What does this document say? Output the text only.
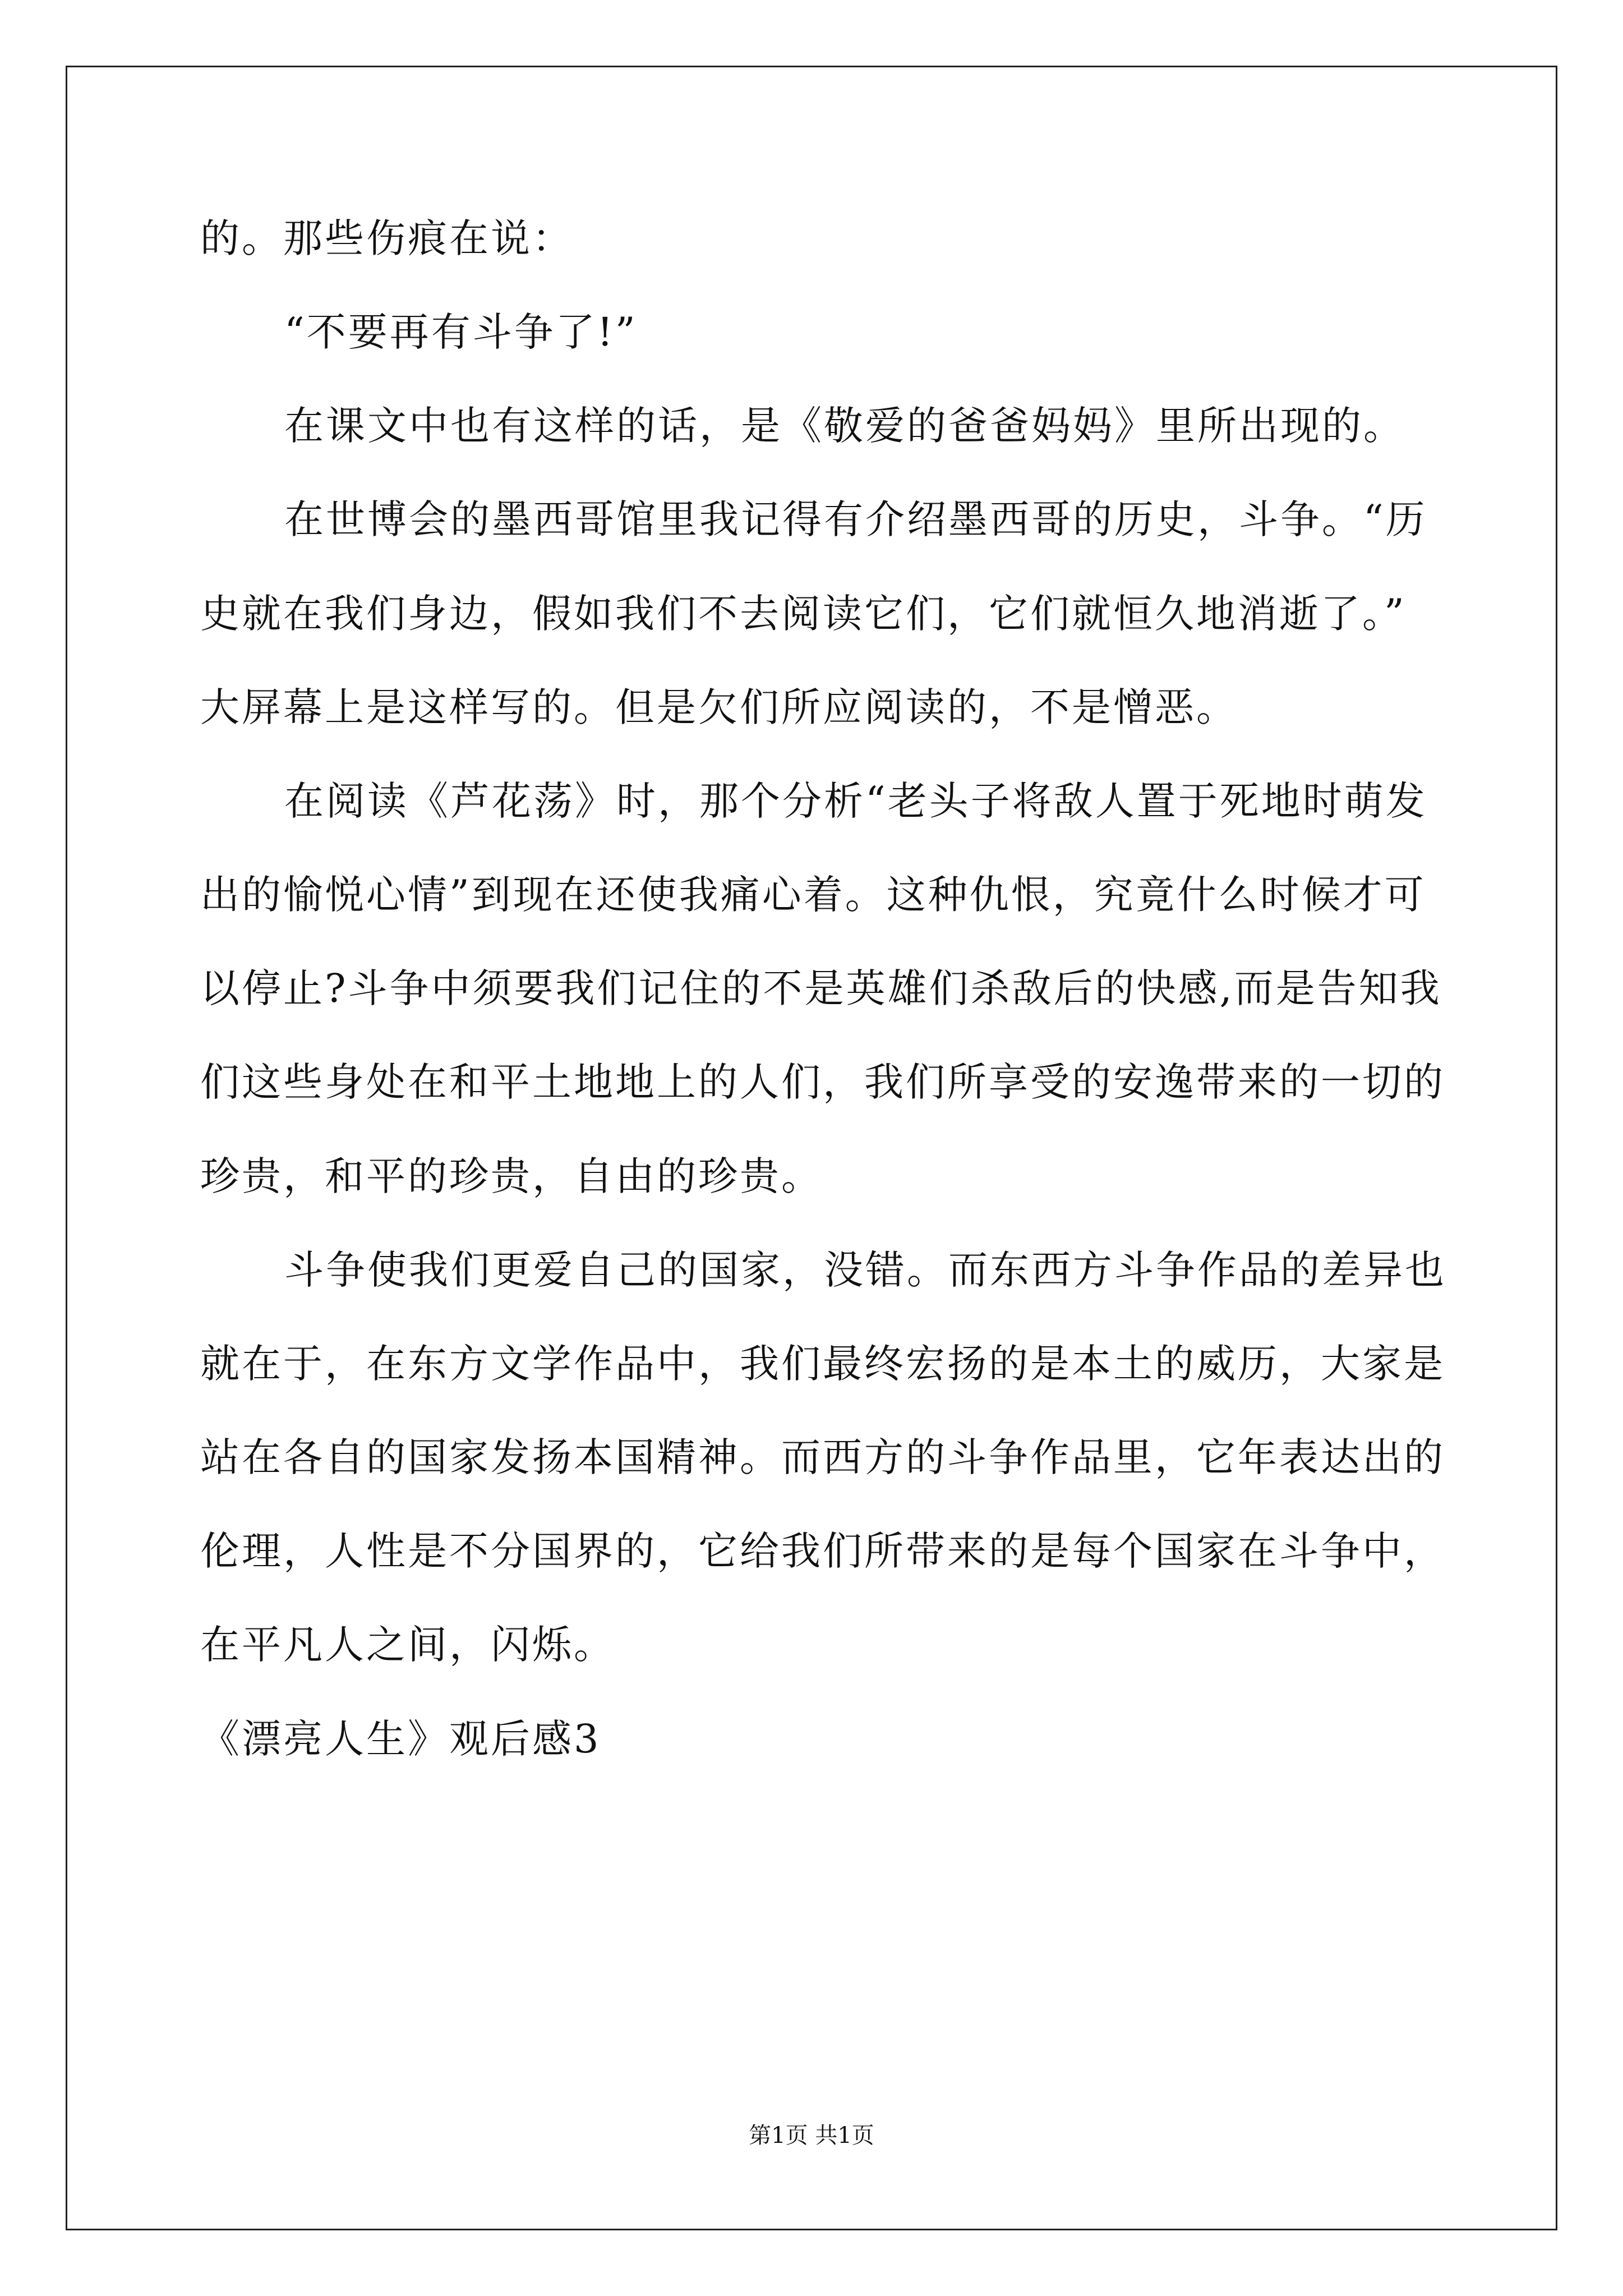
的。那些伤痕在说：
“不要再有斗争了!”
在课文中也有这样的话，是《敬爱的爸爸妈妈》里所出现的。
在世博会的墨西哥馆里我记得有介绍墨西哥的历史，斗争。“历
史就在我们身边，假如我们不去阅读它们，它们就恒久地消逝了。”
大屏幕上是这样写的。但是欠们所应阅读的，不是憎恶。
在阅读《芦花荡》时，那个分析“老头子将敌人置于死地时萌发
出的愉悦心情”到现在还使我痛心着。这种仇恨，究竟什么时候才可
以停止?斗争中须要我们记住的不是英雄们杀敌后的快感,而是告知我
们这些身处在和平土地地上的人们，我们所享受的安逸带来的一切的
珍贵，和平的珍贵，自由的珍贵。
斗争使我们更爱自己的国家，没错。而东西方斗争作品的差异也
就在于，在东方文学作品中，我们最终宏扬的是本土的威历，大家是
站在各自的国家发扬本国精神。而西方的斗争作品里，它年表达出的
伦理，人性是不分国界的，它给我们所带来的是每个国家在斗争中，
在平凡人之间，闪烁。
《漂亮人生》观后感3
第1页 共1页
